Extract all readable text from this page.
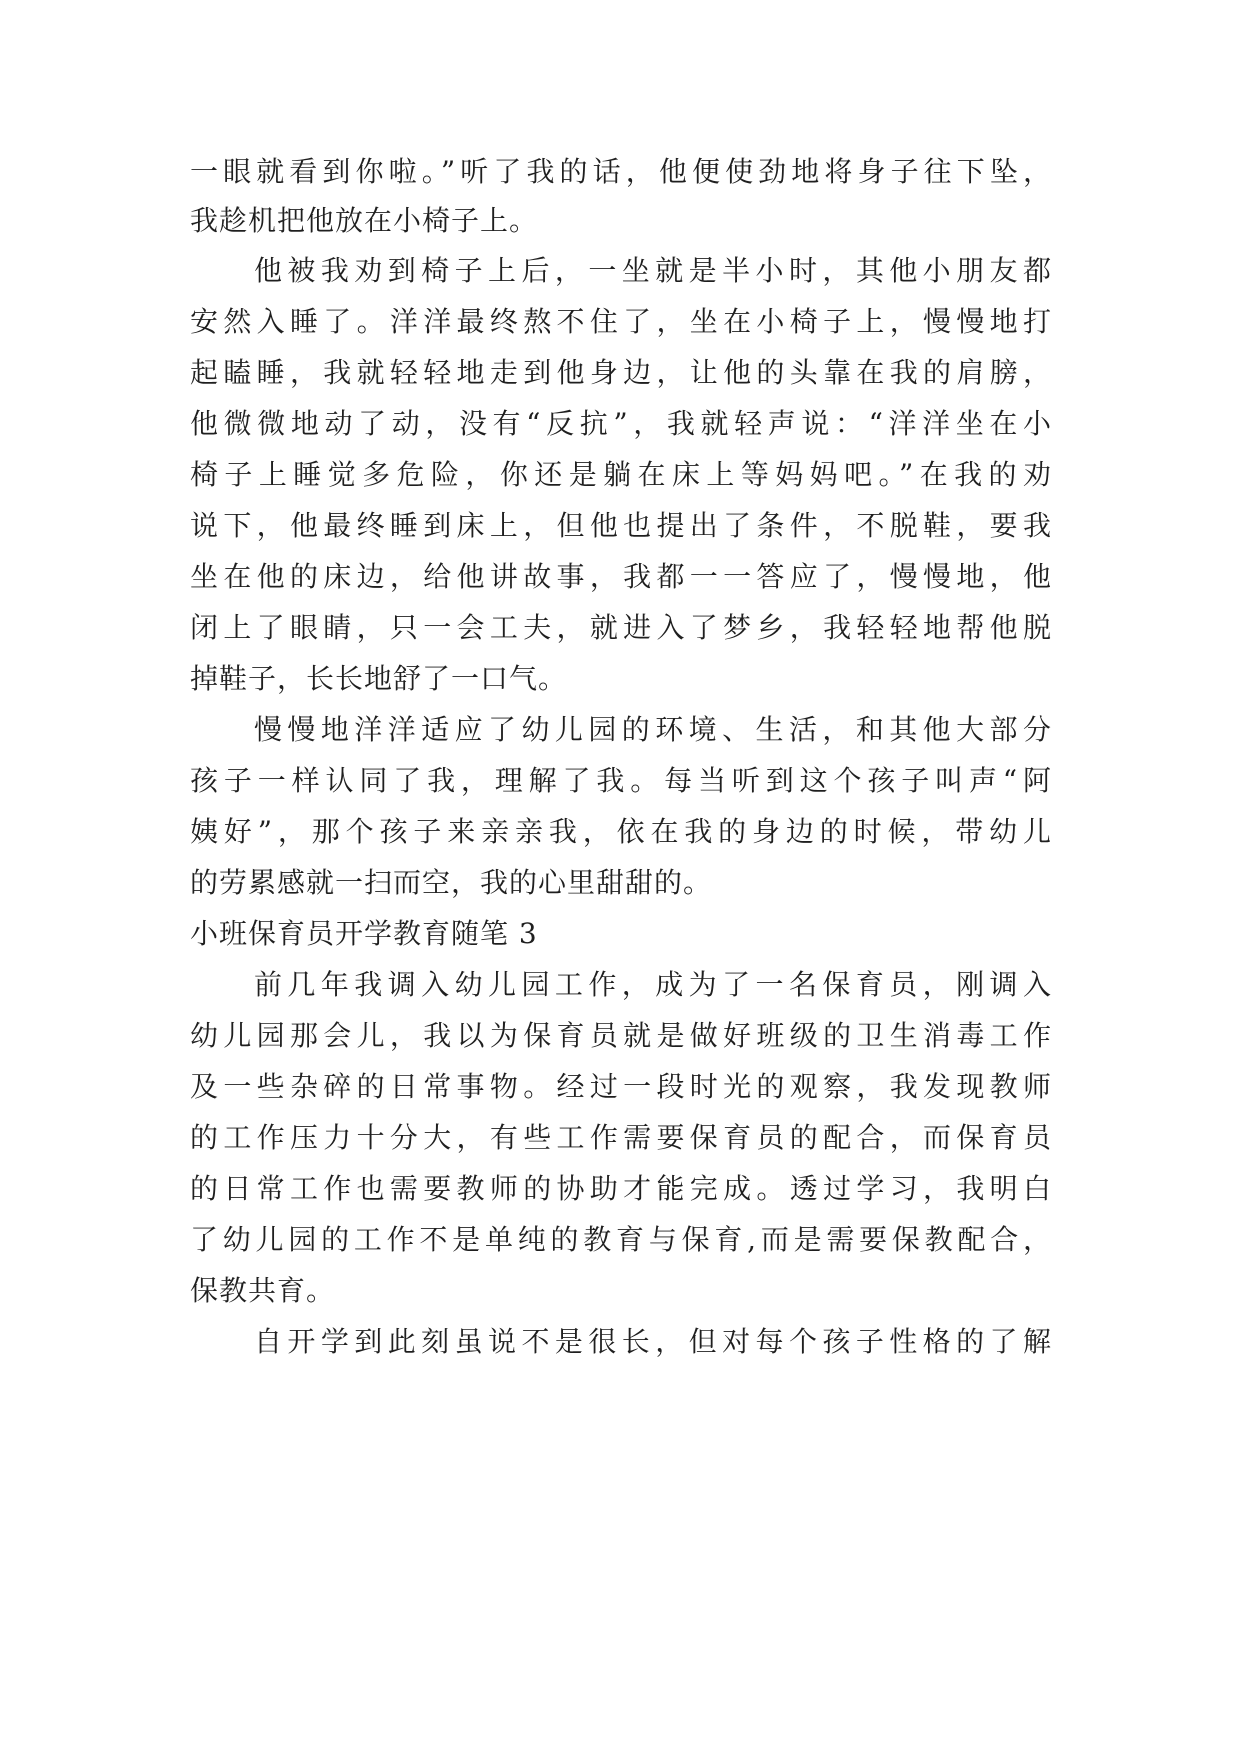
一眼就看到你啦。”听了我的话，他便使劲地将身子往下坠，

我趁机把他放在小椅子上。

他被我劝到椅子上后，一坐就是半小时，其他小朋友都

安然入睡了。洋洋最终熬不住了，坐在小椅子上，慢慢地打

起瞌睡，我就轻轻地走到他身边，让他的头靠在我的肩膀，

他微微地动了动，没有“反抗”，我就轻声说：“洋洋坐在小

椅子上睡觉多危险，你还是躺在床上等妈妈吧。”在我的劝

说下，他最终睡到床上，但他也提出了条件，不脱鞋，要我

坐在他的床边，给他讲故事，我都一一答应了，慢慢地，他

闭上了眼睛，只一会工夫，就进入了梦乡，我轻轻地帮他脱

掉鞋子，长长地舒了一口气。

慢慢地洋洋适应了幼儿园的环境、生活，和其他大部分

孩子一样认同了我，理解了我。每当听到这个孩子叫声“阿

姨好”，那个孩子来亲亲我，依在我的身边的时候，带幼儿

的劳累感就一扫而空，我的心里甜甜的。

小班保育员开学教育随笔 3

前几年我调入幼儿园工作，成为了一名保育员，刚调入

幼儿园那会儿，我以为保育员就是做好班级的卫生消毒工作

及一些杂碎的日常事物。经过一段时光的观察，我发现教师

的工作压力十分大，有些工作需要保育员的配合，而保育员

的日常工作也需要教师的协助才能完成。透过学习，我明白

了幼儿园的工作不是单纯的教育与保育,而是需要保教配合，

保教共育。

自开学到此刻虽说不是很长，但对每个孩子性格的了解
